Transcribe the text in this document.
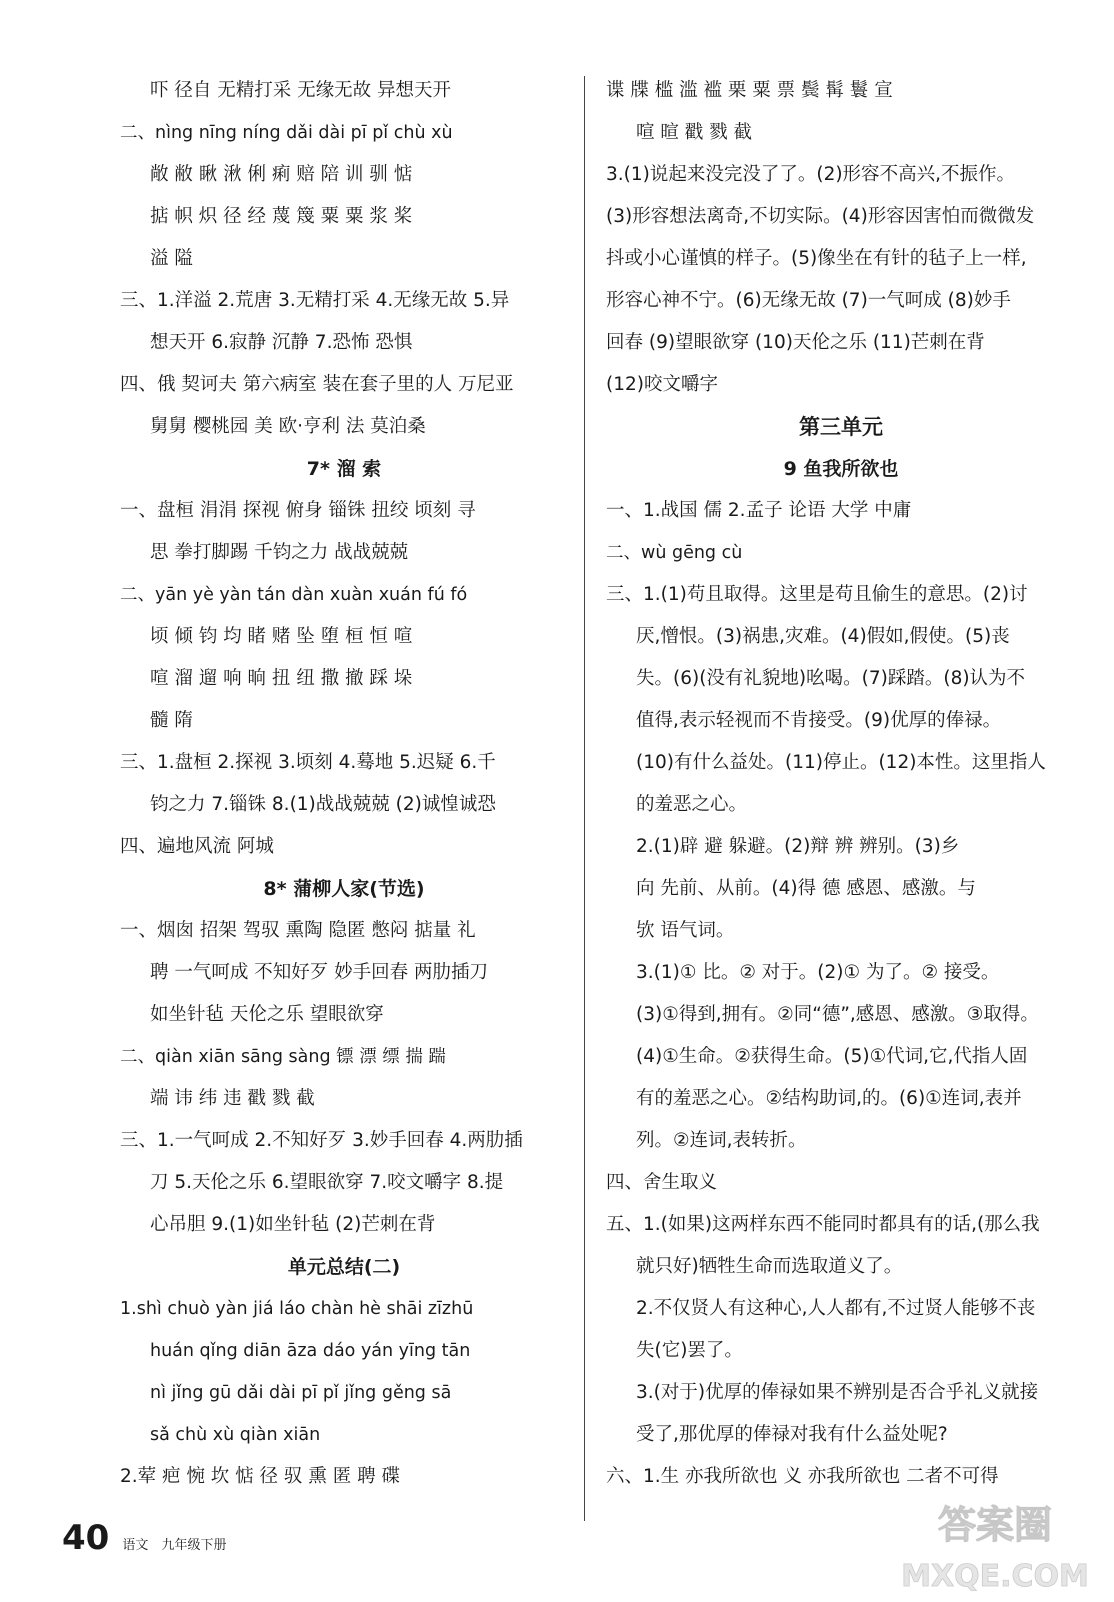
吓 径自 无精打采 无缘无故 异想天开
二、nìng nīng níng dǎi dài pī pǐ chù xù
敞 敝 瞅 湫 俐 痢 赔 陪 训 驯 惦
掂 帜 炽 径 经 蔑 篾 粟 粟 浆 桨
溢 隘
三、1.洋溢 2.荒唐 3.无精打采 4.无缘无故 5.异
想天开 6.寂静 沉静 7.恐怖 恐惧
四、俄 契诃夫 第六病室 装在套子里的人 万尼亚
舅舅 樱桃园 美 欧·亨利 法 莫泊桑
7* 溜 索
一、盘桓 涓涓 探视 俯身 锱铢 扭绞 顷刻 寻
思 拳打脚踢 千钧之力 战战兢兢
二、yān yè yàn tán dàn xuàn xuán fú fó
顷 倾 钧 均 睹 赌 坠 堕 桓 恒 喧
喧 溜 遛 响 晌 扭 纽 撒 撤 踩 垛
髓 隋
三、1.盘桓 2.探视 3.顷刻 4.蓦地 5.迟疑 6.千
钧之力 7.锱铢 8.(1)战战兢兢 (2)诚惶诚恐
四、遍地风流 阿城
8* 蒲柳人家(节选)
一、烟囱 招架 驾驭 熏陶 隐匿 憋闷 掂量 礼
聘 一气呵成 不知好歹 妙手回春 两肋插刀
如坐针毡 天伦之乐 望眼欲穿
二、qiàn xiān sāng sàng 镖 漂 缥 揣 踹
端 讳 纬 违 戳 戮 截
三、1.一气呵成 2.不知好歹 3.妙手回春 4.两肋插
刀 5.天伦之乐 6.望眼欲穿 7.咬文嚼字 8.提
心吊胆 9.(1)如坐针毡 (2)芒刺在背
单元总结(二)
1.shì chuò yàn jiá láo chàn hè shāi zīzhū
huán qǐng diān āza dáo yán yīng tān
nì jǐng gū dǎi dài pī pǐ jǐng gěng sā
sǎ chù xù qiàn xiān
2.荤 疤 惋 坎 惦 径 驭 熏 匿 聘 碟
谍 牒 槛 滥 褴 栗 粟 票 鬓 髯 鬟 宣
喧 暄 戳 戮 截
3.(1)说起来没完没了了。(2)形容不高兴,不振作。
(3)形容想法离奇,不切实际。(4)形容因害怕而微微发
抖或小心谨慎的样子。(5)像坐在有针的毡子上一样,
形容心神不宁。(6)无缘无故 (7)一气呵成 (8)妙手
回春 (9)望眼欲穿 (10)天伦之乐 (11)芒刺在背
(12)咬文嚼字
第三单元
9 鱼我所欲也
一、1.战国 儒 2.孟子 论语 大学 中庸
二、wù gēng cù
三、1.(1)苟且取得。这里是苟且偷生的意思。(2)讨
厌,憎恨。(3)祸患,灾难。(4)假如,假使。(5)丧
失。(6)(没有礼貌地)吆喝。(7)踩踏。(8)认为不
值得,表示轻视而不肯接受。(9)优厚的俸禄。
(10)有什么益处。(11)停止。(12)本性。这里指人
的羞恶之心。
2.(1)辟 避 躲避。(2)辩 辨 辨别。(3)乡
向 先前、从前。(4)得 德 感恩、感激。与
欤 语气词。
3.(1)① 比。② 对于。(2)① 为了。② 接受。
(3)①得到,拥有。②同“德”,感恩、感激。③取得。
(4)①生命。②获得生命。(5)①代词,它,代指人固
有的羞恶之心。②结构助词,的。(6)①连词,表并
列。②连词,表转折。
四、舍生取义
五、1.(如果)这两样东西不能同时都具有的话,(那么我
就只好)牺牲生命而选取道义了。
2.不仅贤人有这种心,人人都有,不过贤人能够不丧
失(它)罢了。
3.(对于)优厚的俸禄如果不辨别是否合乎礼义就接
受了,那优厚的俸禄对我有什么益处呢?
六、1.生 亦我所欲也 义 亦我所欲也 二者不可得
40 语文 九年级下册	答案圈
MXQE.COM
